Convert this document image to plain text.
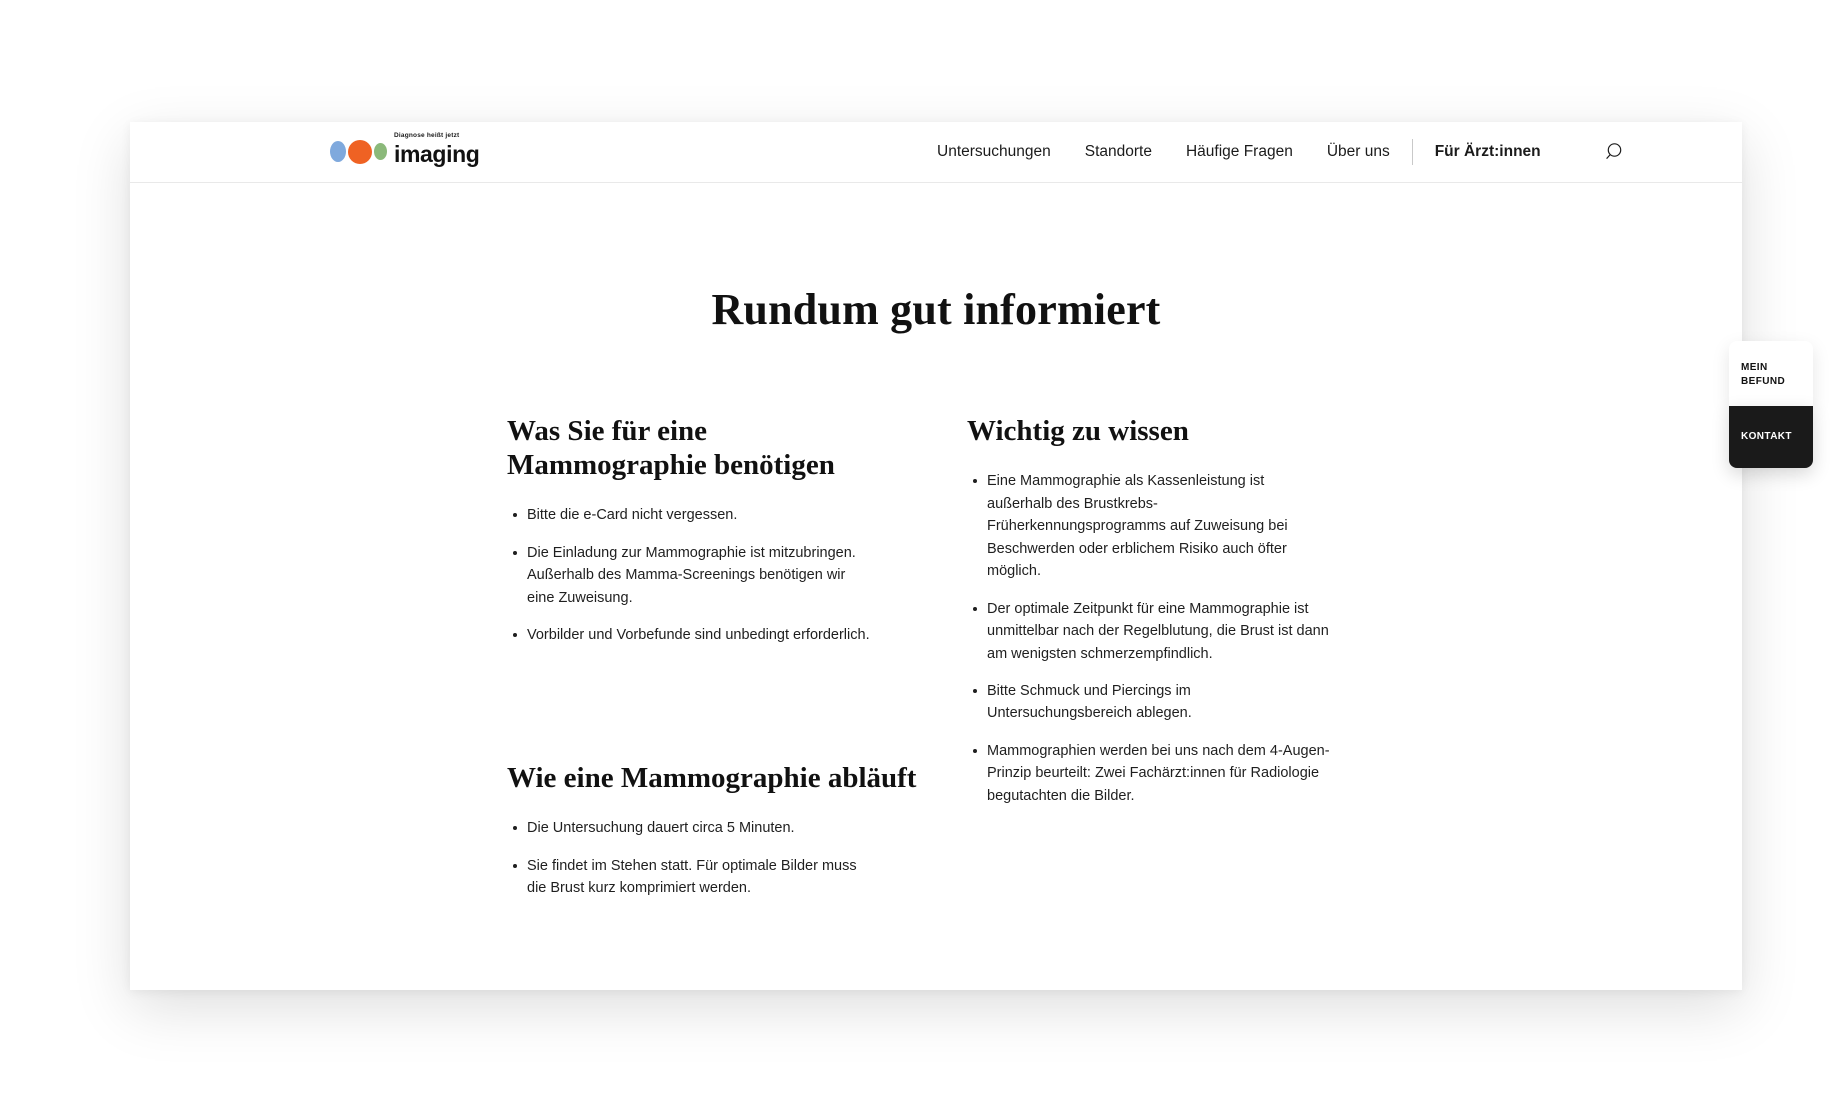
Diagnose heißt jetzt
imaging	Untersuchungen	Standorte	Häufige Fragen	Über uns	Für Ärzt:innen
Rundum gut informiert
Was Sie für eine Mammographie benötigen
Bitte die e-Card nicht vergessen.
Die Einladung zur Mammographie ist mitzubringen. Außerhalb des Mamma-Screenings benötigen wir eine Zuweisung.
Vorbilder und Vorbefunde sind unbedingt erforderlich.
Wichtig zu wissen
Eine Mammographie als Kassenleistung ist außerhalb des Brustkrebs-Früherkennungsprogramms auf Zuweisung bei Beschwerden oder erblichem Risiko auch öfter möglich.
Der optimale Zeitpunkt für eine Mammographie ist unmittelbar nach der Regelblutung, die Brust ist dann am wenigsten schmerzempfindlich.
Bitte Schmuck und Piercings im Untersuchungsbereich ablegen.
Mammographien werden bei uns nach dem 4-Augen-Prinzip beurteilt: Zwei Fachärzt:innen für Radiologie begutachten die Bilder.
Wie eine Mammographie abläuft
Die Untersuchung dauert circa 5 Minuten.
Sie findet im Stehen statt. Für optimale Bilder muss die Brust kurz komprimiert werden.
MEIN
BEFUND
KONTAKT
